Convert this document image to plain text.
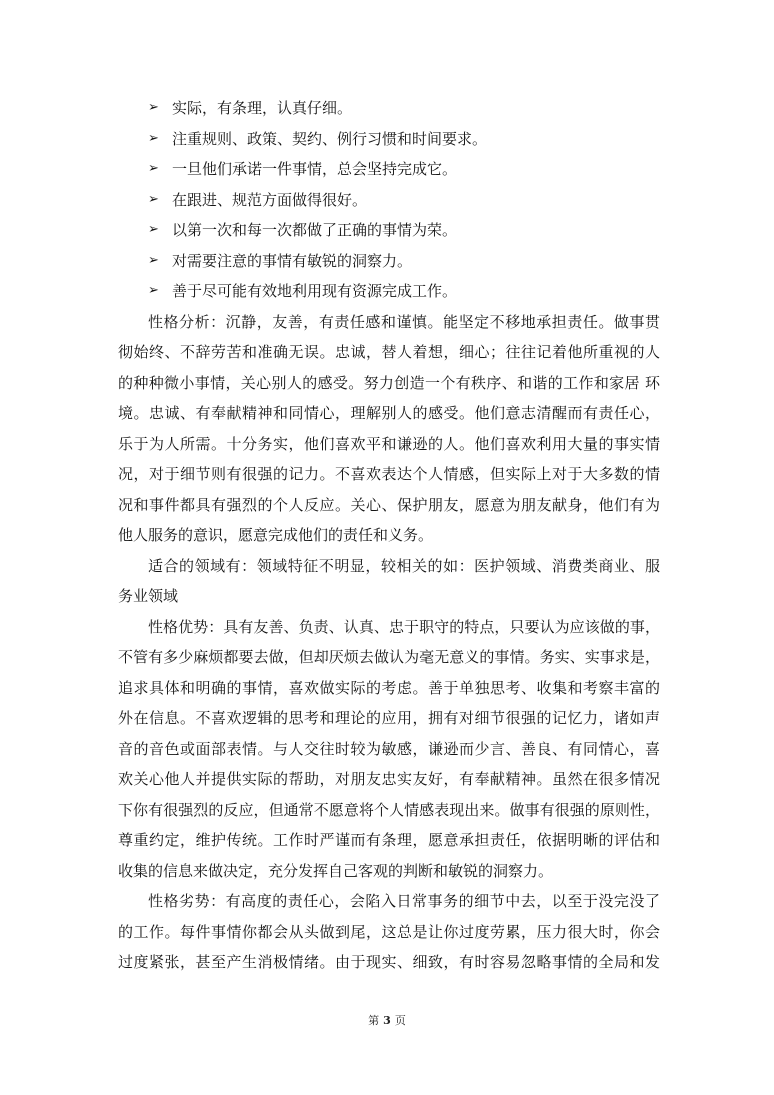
➢ 实际，有条理，认真仔细。
➢ 注重规则、政策、契约、例行习惯和时间要求。
➢ 一旦他们承诺一件事情，总会坚持完成它。
➢ 在跟进、规范方面做得很好。
➢ 以第一次和每一次都做了正确的事情为荣。
➢ 对需要注意的事情有敏锐的洞察力。
➢ 善于尽可能有效地利用现有资源完成工作。
性格分析：沉静，友善，有责任感和谨慎。能坚定不移地承担责任。做事贯
彻始终、不辞劳苦和准确无误。忠诚，替人着想，细心；往往记着他所重视的人
的种种微小事情，关心别人的感受。努力创造一个有秩序、和谐的工作和家居 环
境。忠诚、有奉献精神和同情心，理解别人的感受。他们意志清醒而有责任心，
乐于为人所需。十分务实，他们喜欢平和谦逊的人。他们喜欢利用大量的事实情
况，对于细节则有很强的记力。不喜欢表达个人情感，但实际上对于大多数的情
况和事件都具有强烈的个人反应。关心、保护朋友，愿意为朋友献身，他们有为
他人服务的意识，愿意完成他们的责任和义务。
适合的领域有：领域特征不明显，较相关的如：医护领域、消费类商业、服
务业领域
性格优势：具有友善、负责、认真、忠于职守的特点，只要认为应该做的事，
不管有多少麻烦都要去做，但却厌烦去做认为毫无意义的事情。务实、实事求是，
追求具体和明确的事情，喜欢做实际的考虑。善于单独思考、收集和考察丰富的
外在信息。不喜欢逻辑的思考和理论的应用，拥有对细节很强的记忆力，诸如声
音的音色或面部表情。与人交往时较为敏感，谦逊而少言、善良、有同情心，喜
欢关心他人并提供实际的帮助，对朋友忠实友好，有奉献精神。虽然在很多情况
下你有很强烈的反应，但通常不愿意将个人情感表现出来。做事有很强的原则性，
尊重约定，维护传统。工作时严谨而有条理，愿意承担责任，依据明晰的评估和
收集的信息来做决定，充分发挥自己客观的判断和敏锐的洞察力。
性格劣势：有高度的责任心，会陷入日常事务的细节中去，以至于没完没了
的工作。每件事情你都会从头做到尾，这总是让你过度劳累，压力很大时，你会
过度紧张，甚至产生消极情绪。由于现实、细致，有时容易忽略事情的全局和发
第 3 页
